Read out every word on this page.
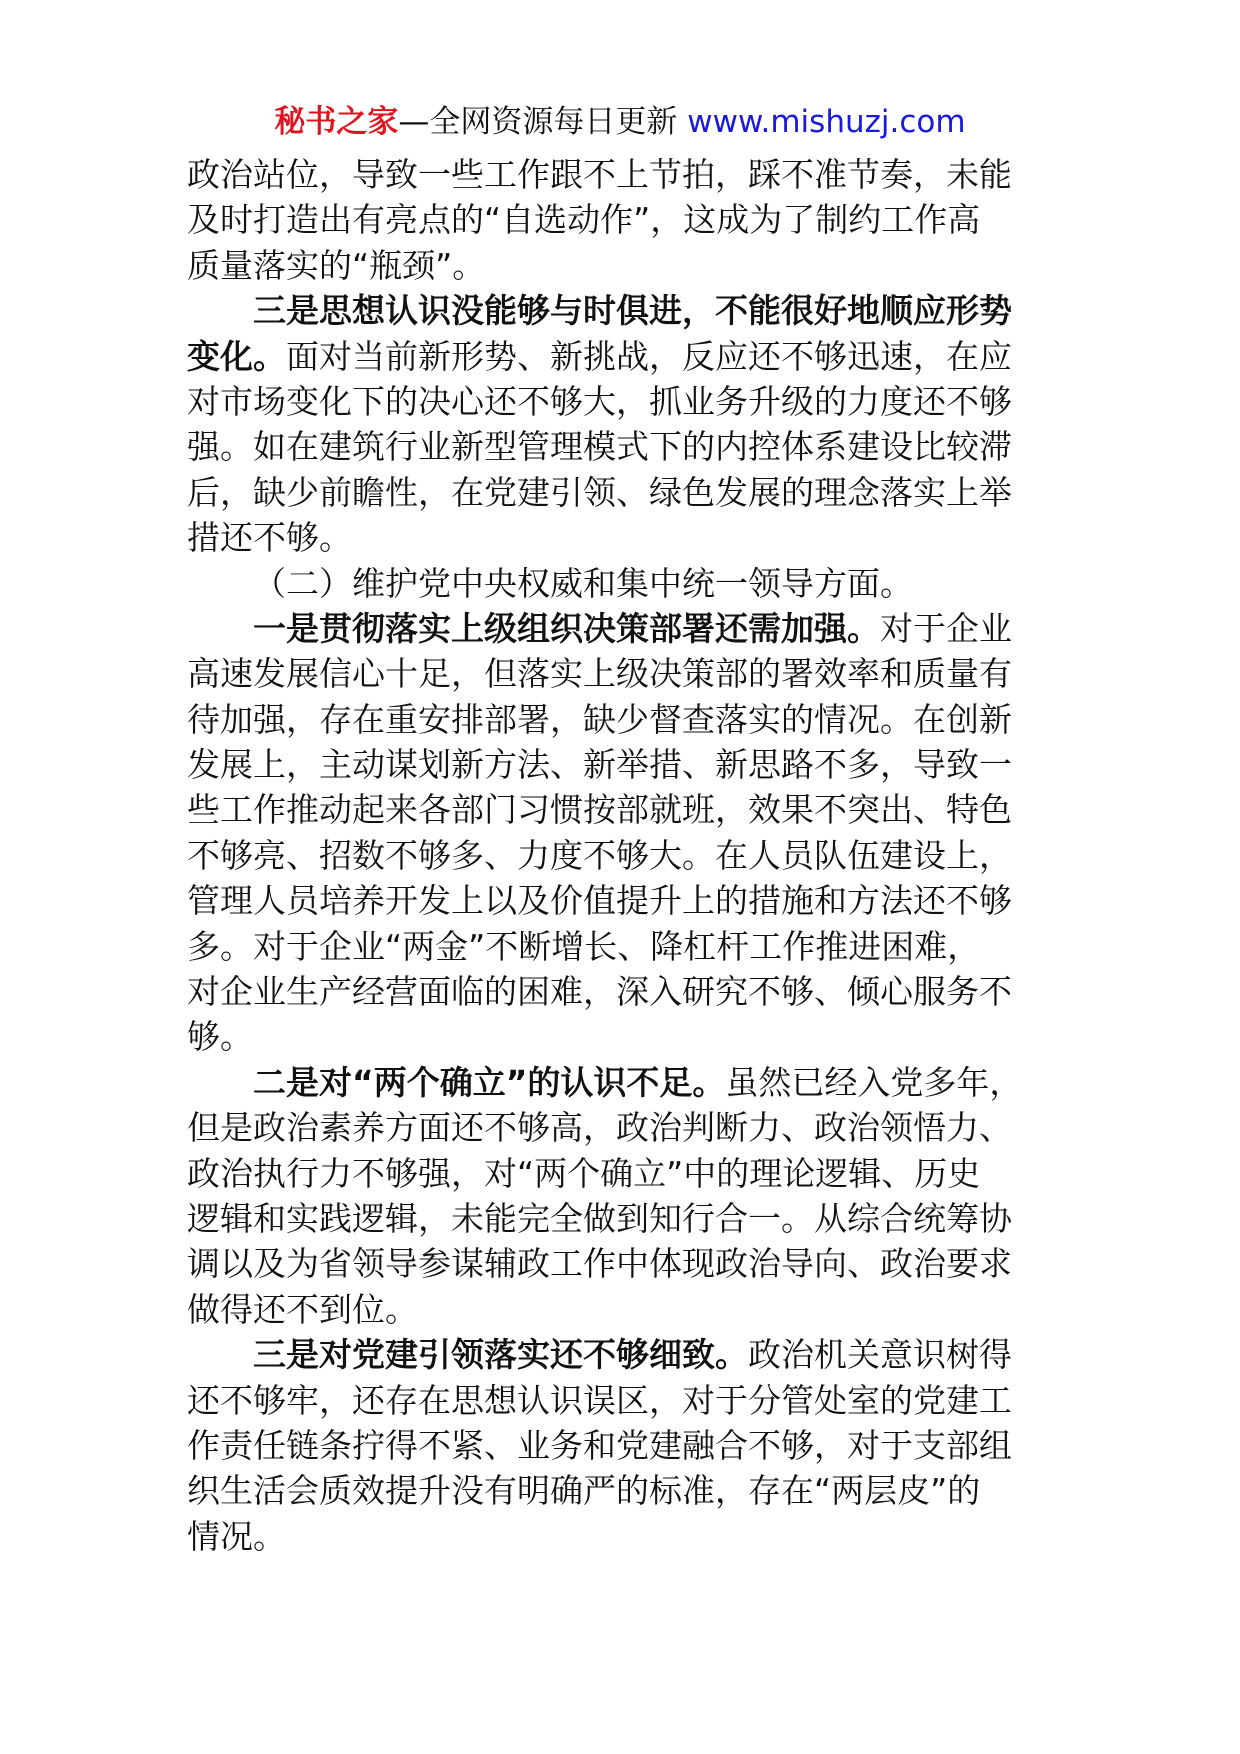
秘书之家—全网资源每日更新 www.mishuzj.com
政治站位，导致一些工作跟不上节拍，踩不准节奏，未能
及时打造出有亮点的“自选动作”，这成为了制约工作高
质量落实的“瓶颈”。
三是思想认识没能够与时俱进，不能很好地顺应形势
变化。面对当前新形势、新挑战，反应还不够迅速，在应
对市场变化下的决心还不够大，抓业务升级的力度还不够
强。如在建筑行业新型管理模式下的内控体系建设比较滞
后，缺少前瞻性，在党建引领、绿色发展的理念落实上举
措还不够。
（二）维护党中央权威和集中统一领导方面。
一是贯彻落实上级组织决策部署还需加强。对于企业
高速发展信心十足，但落实上级决策部的署效率和质量有
待加强，存在重安排部署，缺少督查落实的情况。在创新
发展上，主动谋划新方法、新举措、新思路不多，导致一
些工作推动起来各部门习惯按部就班，效果不突出、特色
不够亮、招数不够多、力度不够大。在人员队伍建设上，
管理人员培养开发上以及价值提升上的措施和方法还不够
多。对于企业“两金”不断增长、降杠杆工作推进困难，
对企业生产经营面临的困难，深入研究不够、倾心服务不
够。
二是对“两个确立”的认识不足。虽然已经入党多年，
但是政治素养方面还不够高，政治判断力、政治领悟力、
政治执行力不够强，对“两个确立”中的理论逻辑、历史
逻辑和实践逻辑，未能完全做到知行合一。从综合统筹协
调以及为省领导参谋辅政工作中体现政治导向、政治要求
做得还不到位。
三是对党建引领落实还不够细致。政治机关意识树得
还不够牢，还存在思想认识误区，对于分管处室的党建工
作责任链条拧得不紧、业务和党建融合不够，对于支部组
织生活会质效提升没有明确严的标准，存在“两层皮”的
情况。
